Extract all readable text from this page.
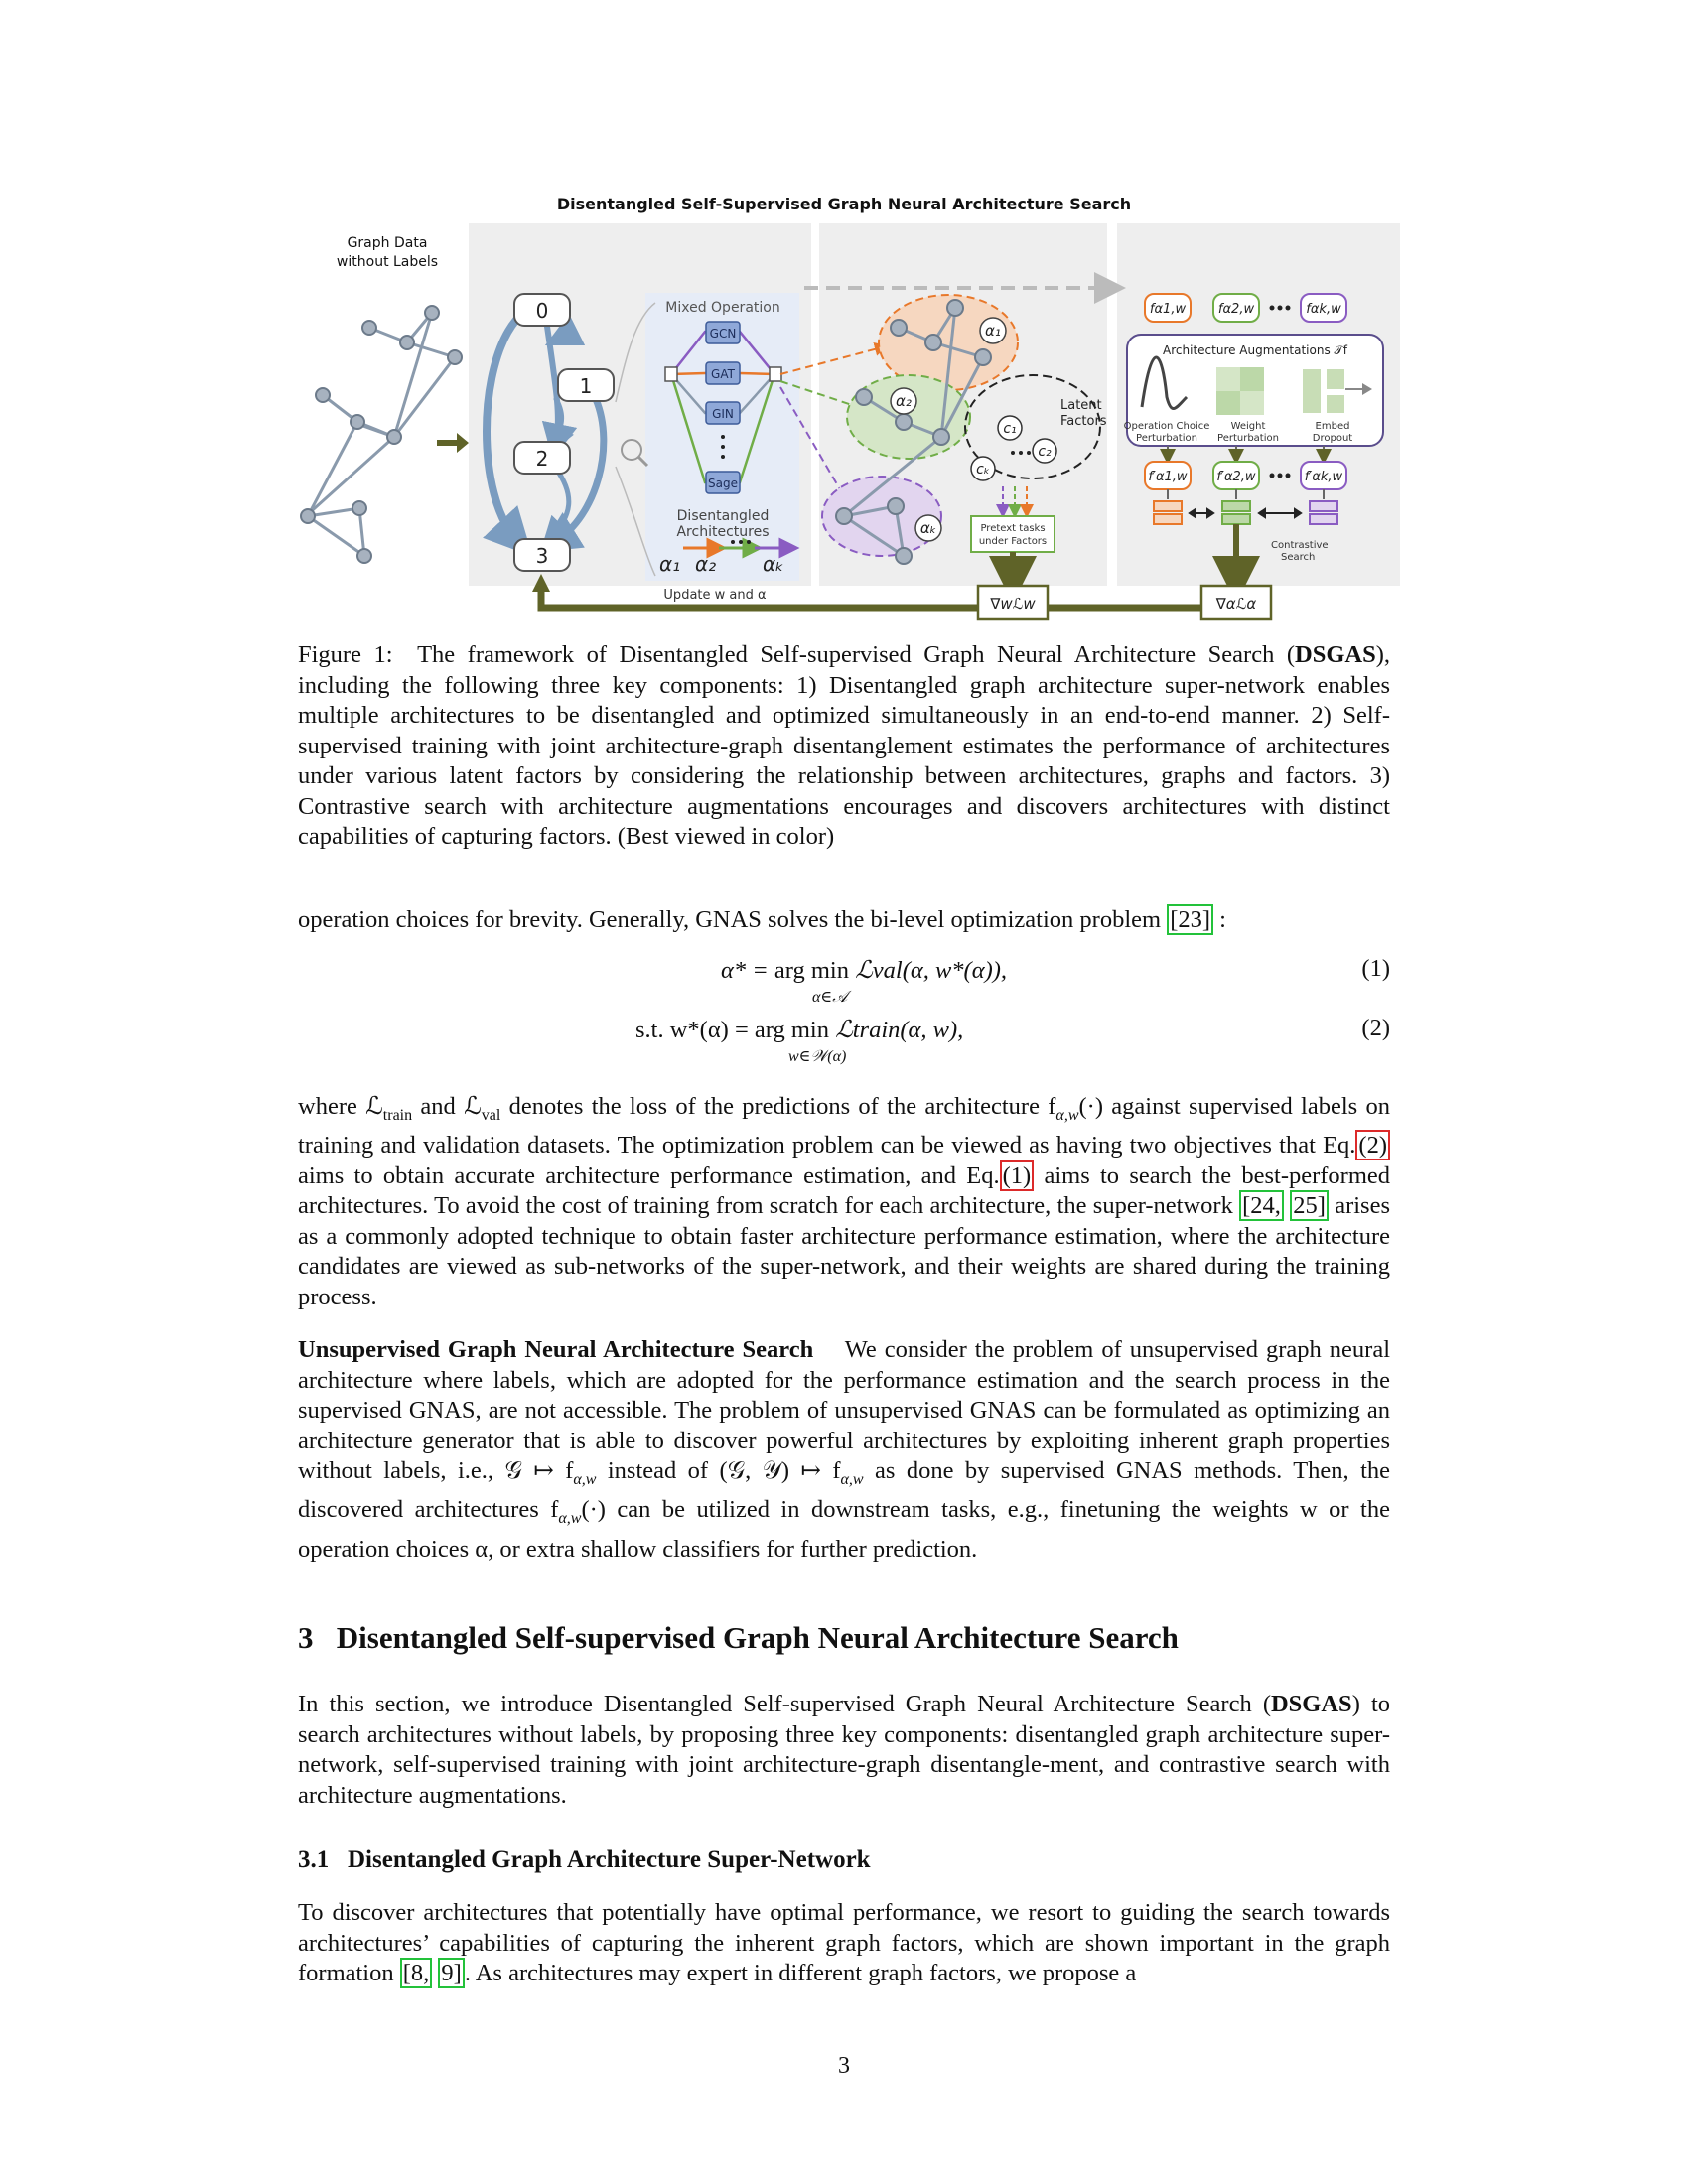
Disentangled Self-Supervised Graph Neural Architecture Search
Graph Data
without Labels
0
1
2
3
Mixed Operation
GCN
GAT
GIN
Sage
Disentangled
Architectures
α₁ α₂ αₖ
α₁
α₂
αₖ
Latent
Factors
c₁
c₂
cₖ
Pretext tasks
under Factors
fα1,w	fα2,w	fαk,w
Architecture Augmentations 𝒯f
Operation Choice
Perturbation
Weight
Perturbation
Embed
Dropout
f′α1,w f′α2,w	f′αk,w
Contrastive
Search
∇wℒw	∇αℒα
Update w and α
Figure 1: The framework of Disentangled Self-supervised Graph Neural Architecture Search (DSGAS), including the following three key components: 1) Disentangled graph architecture super-network enables multiple architectures to be disentangled and optimized simultaneously in an end-to-end manner. 2) Self-supervised training with joint architecture-graph disentanglement estimates the performance of architectures under various latent factors by considering the relationship between architectures, graphs and factors. 3) Contrastive search with architecture augmentations encourages and discovers architectures with distinct capabilities of capturing factors. (Best viewed in color)
operation choices for brevity. Generally, GNAS solves the bi-level optimization problem [23] :
α* = arg min ℒval(α, w*(α)),
α∈𝒜
(1)
s.t. w*(α) = arg min ℒtrain(α, w),
w∈𝒲(α)
(2)
where ℒ$_{train}$ and ℒ$_{val}$ denotes the loss of the predictions of the architecture $f_{\alpha,w}(\cdot)$ against supervised labels on training and validation datasets. The optimization problem can be viewed as having two objectives that Eq. (2) aims to obtain accurate architecture performance estimation, and Eq. (1) aims to search the best-performed architectures. To avoid the cost of training from scratch for each architecture, the super-network [24, 25] arises as a commonly adopted technique to obtain faster architecture performance estimation, where the architecture candidates are viewed as sub-networks of the super-network, and their weights are shared during the training process.
Unsupervised Graph Neural Architecture Search We consider the problem of unsupervised graph neural architecture where labels, which are adopted for the performance estimation and the search process in the supervised GNAS, are not accessible. The problem of unsupervised GNAS can be formulated as optimizing an architecture generator that is able to discover powerful architectures by exploiting inherent graph properties without labels, i.e., 𝒢 ↦ $f_{\alpha,w}$ instead of (𝒢, 𝒴) ↦ $f_{\alpha,w}$ as done by supervised GNAS methods. Then, the discovered architectures $f_{\alpha,w}(\cdot)$ can be utilized in downstream tasks, e.g., finetuning the weights w or the operation choices α, or extra shallow classifiers for further prediction.
3 Disentangled Self-supervised Graph Neural Architecture Search
In this section, we introduce Disentangled Self-supervised Graph Neural Architecture Search (DSGAS) to search architectures without labels, by proposing three key components: disentangled graph architecture super-network, self-supervised training with joint architecture-graph disentangle-ment, and contrastive search with architecture augmentations.
3.1 Disentangled Graph Architecture Super-Network
To discover architectures that potentially have optimal performance, we resort to guiding the search towards architectures’ capabilities of capturing the inherent graph factors, which are shown important in the graph formation [8, 9] . As architectures may expert in different graph factors, we propose a
3
